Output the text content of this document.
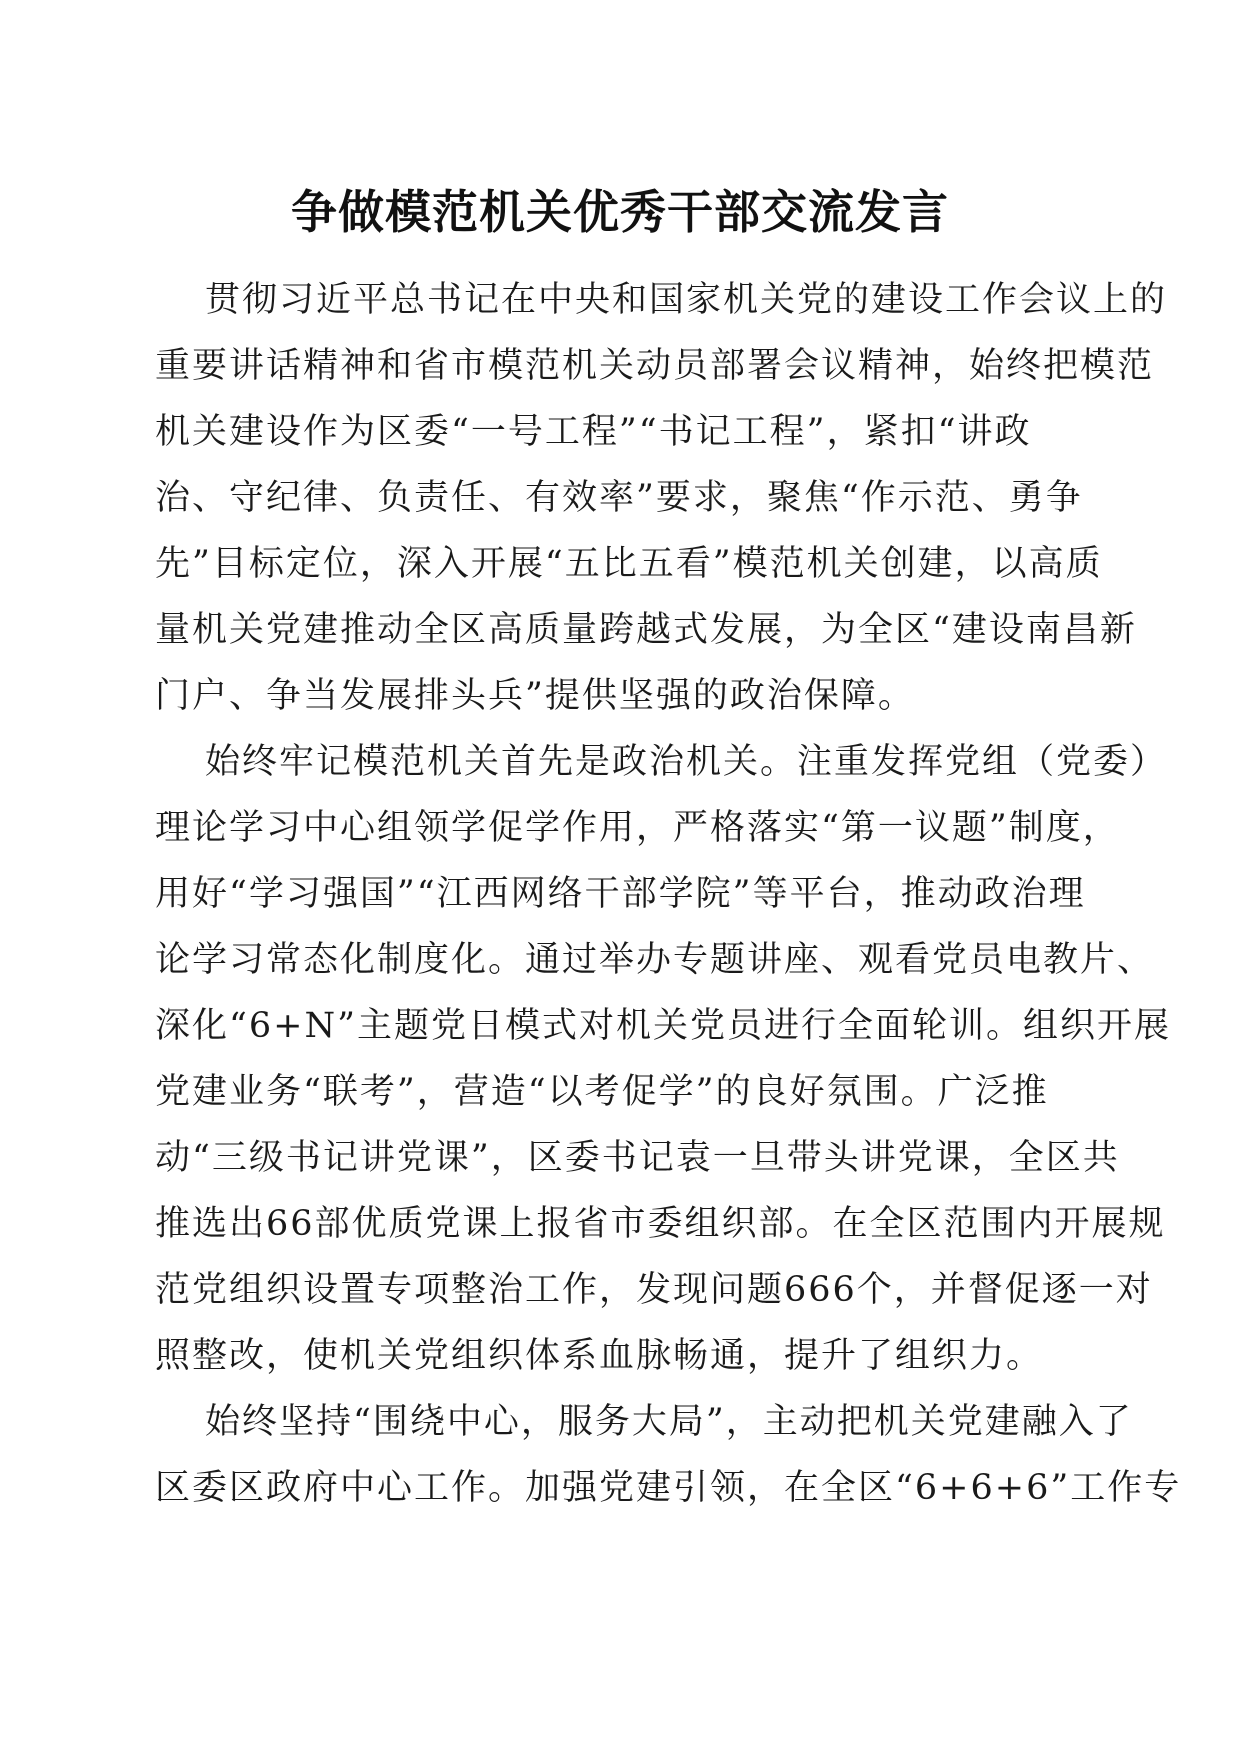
争做模范机关优秀干部交流发言
贯彻习近平总书记在中央和国家机关党的建设工作会议上的
重要讲话精神和省市模范机关动员部署会议精神，始终把模范
机关建设作为区委“一号工程”“书记工程”，紧扣“讲政
治、守纪律、负责任、有效率”要求，聚焦“作示范、勇争
先”目标定位，深入开展“五比五看”模范机关创建，以高质
量机关党建推动全区高质量跨越式发展，为全区“建设南昌新
门户、争当发展排头兵”提供坚强的政治保障。
始终牢记模范机关首先是政治机关。注重发挥党组（党委）
理论学习中心组领学促学作用，严格落实“第一议题”制度，
用好“学习强国”“江西网络干部学院”等平台，推动政治理
论学习常态化制度化。通过举办专题讲座、观看党员电教片、
深化“6+N”主题党日模式对机关党员进行全面轮训。组织开展
党建业务“联考”，营造“以考促学”的良好氛围。广泛推
动“三级书记讲党课”，区委书记袁一旦带头讲党课，全区共
推选出66部优质党课上报省市委组织部。在全区范围内开展规
范党组织设置专项整治工作，发现问题666个，并督促逐一对
照整改，使机关党组织体系血脉畅通，提升了组织力。
始终坚持“围绕中心，服务大局”，主动把机关党建融入了
区委区政府中心工作。加强党建引领，在全区“6+6+6”工作专
